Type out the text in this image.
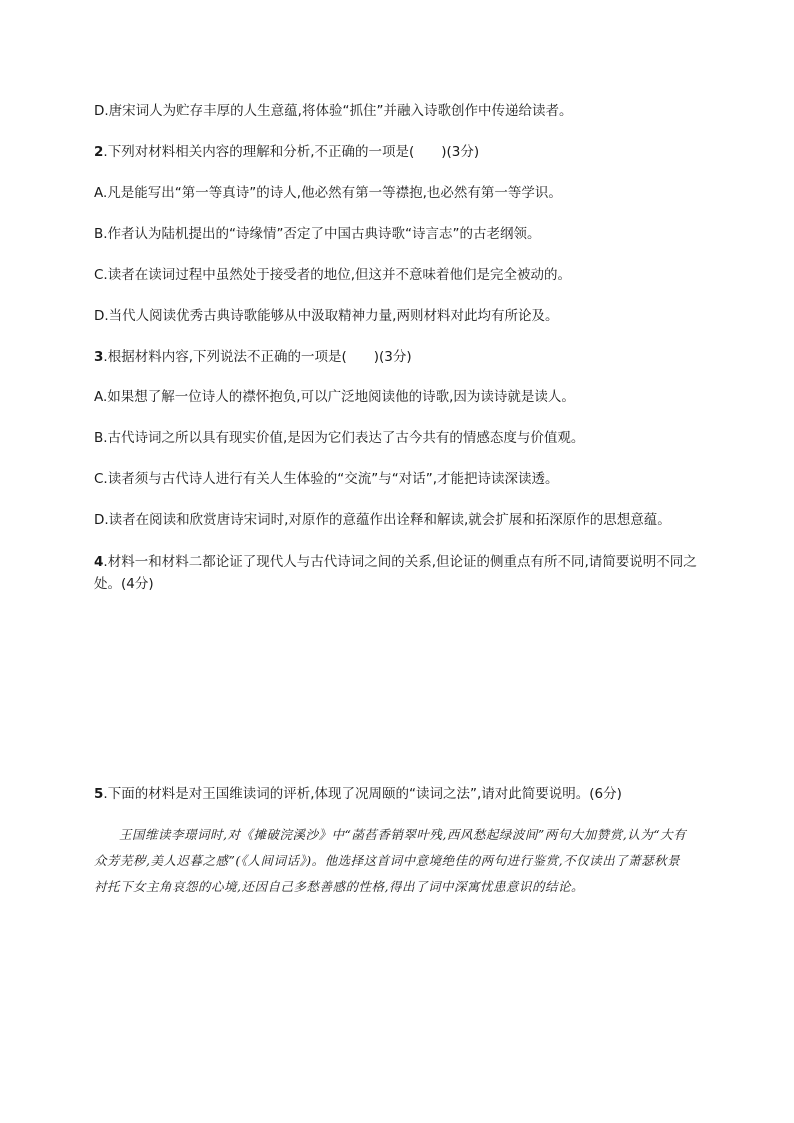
D.唐宋词人为贮存丰厚的人生意蕴,将体验“抓住”并融入诗歌创作中传递给读者。
2.下列对材料相关内容的理解和分析,不正确的一项是(　　)(3分)
A.凡是能写出“第一等真诗”的诗人,他必然有第一等襟抱,也必然有第一等学识。
B.作者认为陆机提出的“诗缘情”否定了中国古典诗歌“诗言志”的古老纲领。
C.读者在读词过程中虽然处于接受者的地位,但这并不意味着他们是完全被动的。
D.当代人阅读优秀古典诗歌能够从中汲取精神力量,两则材料对此均有所论及。
3.根据材料内容,下列说法不正确的一项是(　　)(3分)
A.如果想了解一位诗人的襟怀抱负,可以广泛地阅读他的诗歌,因为读诗就是读人。
B.古代诗词之所以具有现实价值,是因为它们表达了古今共有的情感态度与价值观。
C.读者须与古代诗人进行有关人生体验的“交流”与“对话”,才能把诗读深读透。
D.读者在阅读和欣赏唐诗宋词时,对原作的意蕴作出诠释和解读,就会扩展和拓深原作的思想意蕴。
4.材料一和材料二都论证了现代人与古代诗词之间的关系,但论证的侧重点有所不同,请简要说明不同之处。(4分)
5.下面的材料是对王国维读词的评析,体现了况周颐的“读词之法”,请对此简要说明。(6分)
王国维读李璟词时,对《摊破浣溪沙》中“菡萏香销翠叶残,西风愁起绿波间”两句大加赞赏,认为“大有众芳芜秽,美人迟暮之感”(《人间词话》)。他选择这首词中意境绝佳的两句进行鉴赏,不仅读出了萧瑟秋景衬托下女主角哀怨的心境,还因自己多愁善感的性格,得出了词中深寓忧患意识的结论。
